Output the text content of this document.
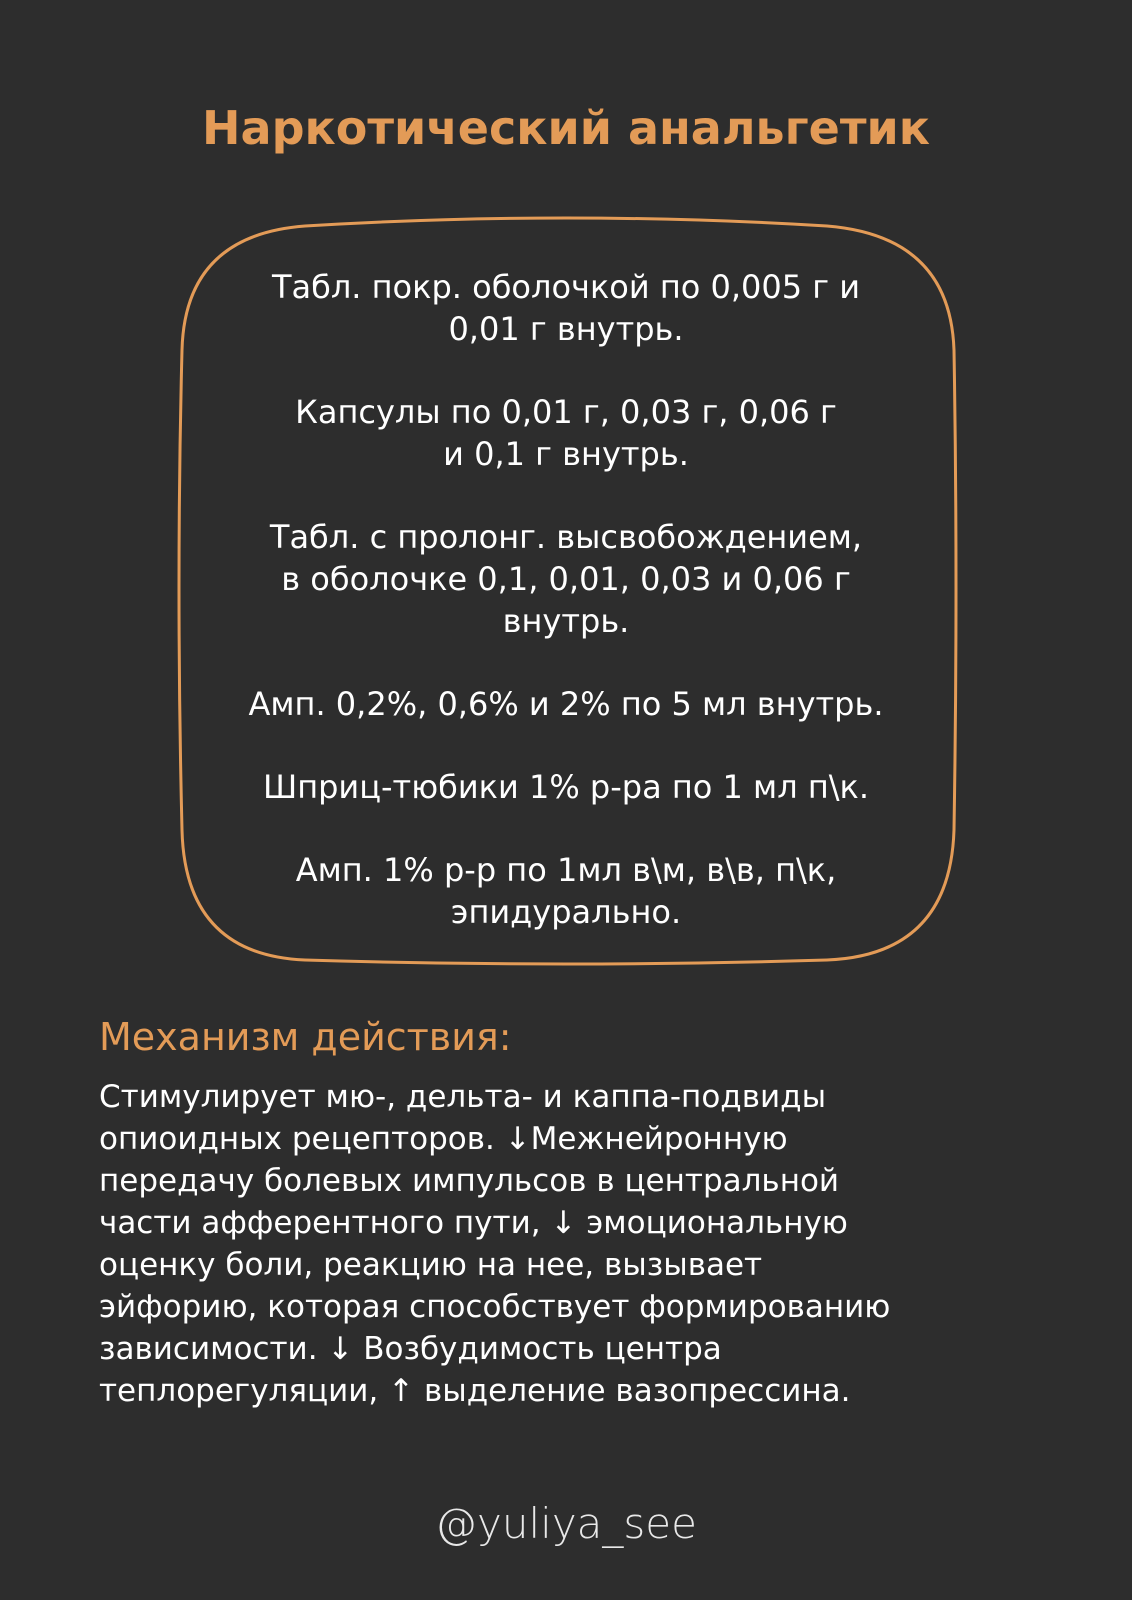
Наркотический анальгетик
Табл. покр. оболочкой по 0,005 г и
0,01 г внутрь.
Капсулы по 0,01 г, 0,03 г, 0,06 г
и 0,1 г внутрь.
Табл. с пролонг. высвобождением,
в оболочке 0,1, 0,01, 0,03 и 0,06 г
внутрь.
Амп. 0,2%, 0,6% и 2% по 5 мл внутрь.
Шприц-тюбики 1% р-ра по 1 мл п\к.
Амп. 1% р-р по 1мл в\м, в\в, п\к,
эпидурально.
Механизм действия:
Стимулирует мю-, дельта- и каппа-подвиды
опиоидных рецепторов. ↓Межнейронную
передачу болевых импульсов в центральной
части афферентного пути, ↓ эмоциональную
оценку боли, реакцию на нее, вызывает
эйфорию, которая способствует формированию
зависимости. ↓ Возбудимость центра
теплорегуляции, ↑ выделение вазопрессина.
@yuliya_see
